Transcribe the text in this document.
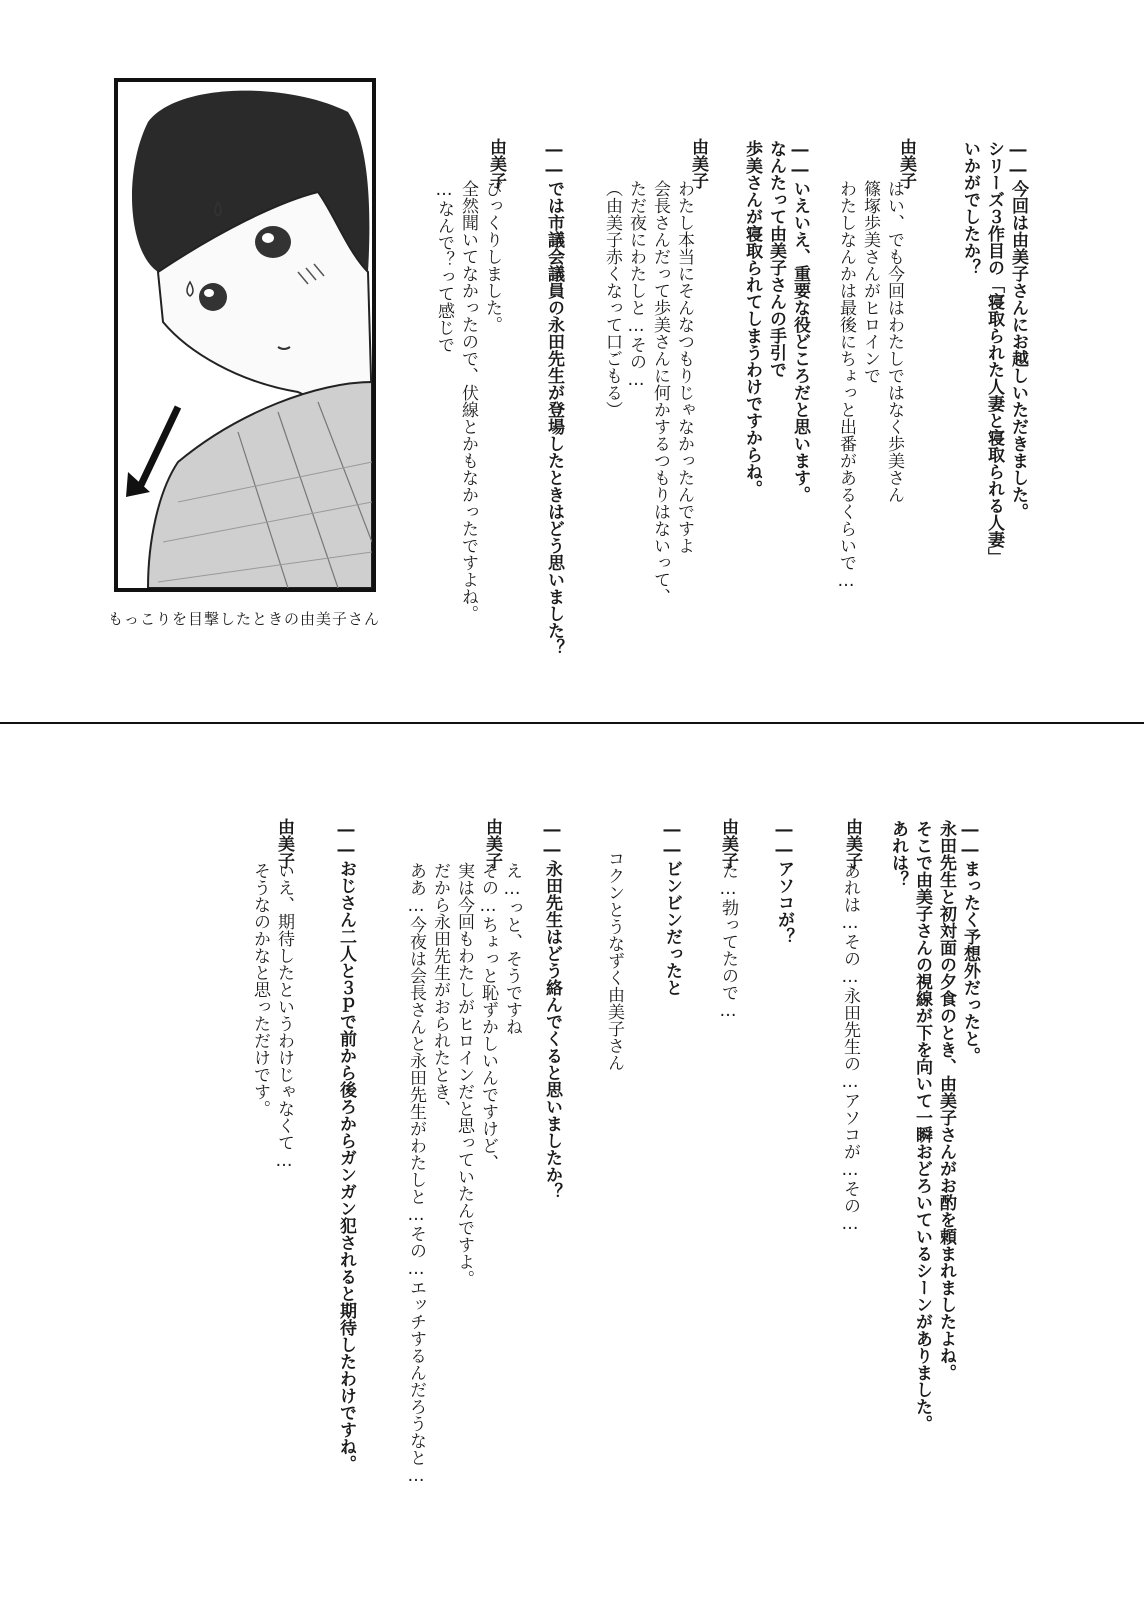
もっこりを目撃したときの由美子さん
――今回は由美子さんにお越しいただきました。
シリーズ３作目の「寝取られた人妻と寝取られる人妻」
いかがでしたか？
由美子
はい、でも今回はわたしではなく歩美さん
篠塚歩美さんがヒロインで
わたしなんかは最後にちょっと出番があるくらいで…
――いえいえ、重要な役どころだと思います。
なんたって由美子さんの手引で
歩美さんが寝取られてしまうわけですからね。
由美子
わたし本当にそんなつもりじゃなかったんですよ
会長さんだって歩美さんに何かするつもりはないって、
ただ夜にわたしと…その…
（由美子赤くなって口ごもる）
――では市議会議員の永田先生が登場したときはどう思いました？
由美子
びっくりしました。
全然聞いてなかったので、伏線とかもなかったですよね。
…なんで？って感じで
――まったく予想外だったと。
永田先生と初対面の夕食のとき、由美子さんがお酌を頼まれましたよね。
そこで由美子さんの視線が下を向いて一瞬おどろいているシーンがありました。
あれは？
由美子
あれは…その…永田先生の…アソコが…その…
――アソコが？
由美子
た…勃ってたので…
――ビンビンだったと
コクンとうなずく由美子さん
――永田先生はどう絡んでくると思いましたか？
由美子
え…っと、そうですね
その…ちょっと恥ずかしいんですけど、
実は今回もわたしがヒロインだと思っていたんですよ。
だから永田先生がおられたとき、
ああ…今夜は会長さんと永田先生がわたしと…その…エッチするんだろうなと…
――おじさん二人と３ｐで前から後ろからガンガン犯されると期待したわけですね。
由美子
いえ、期待したというわけじゃなくて…
そうなのかなと思っただけです。
